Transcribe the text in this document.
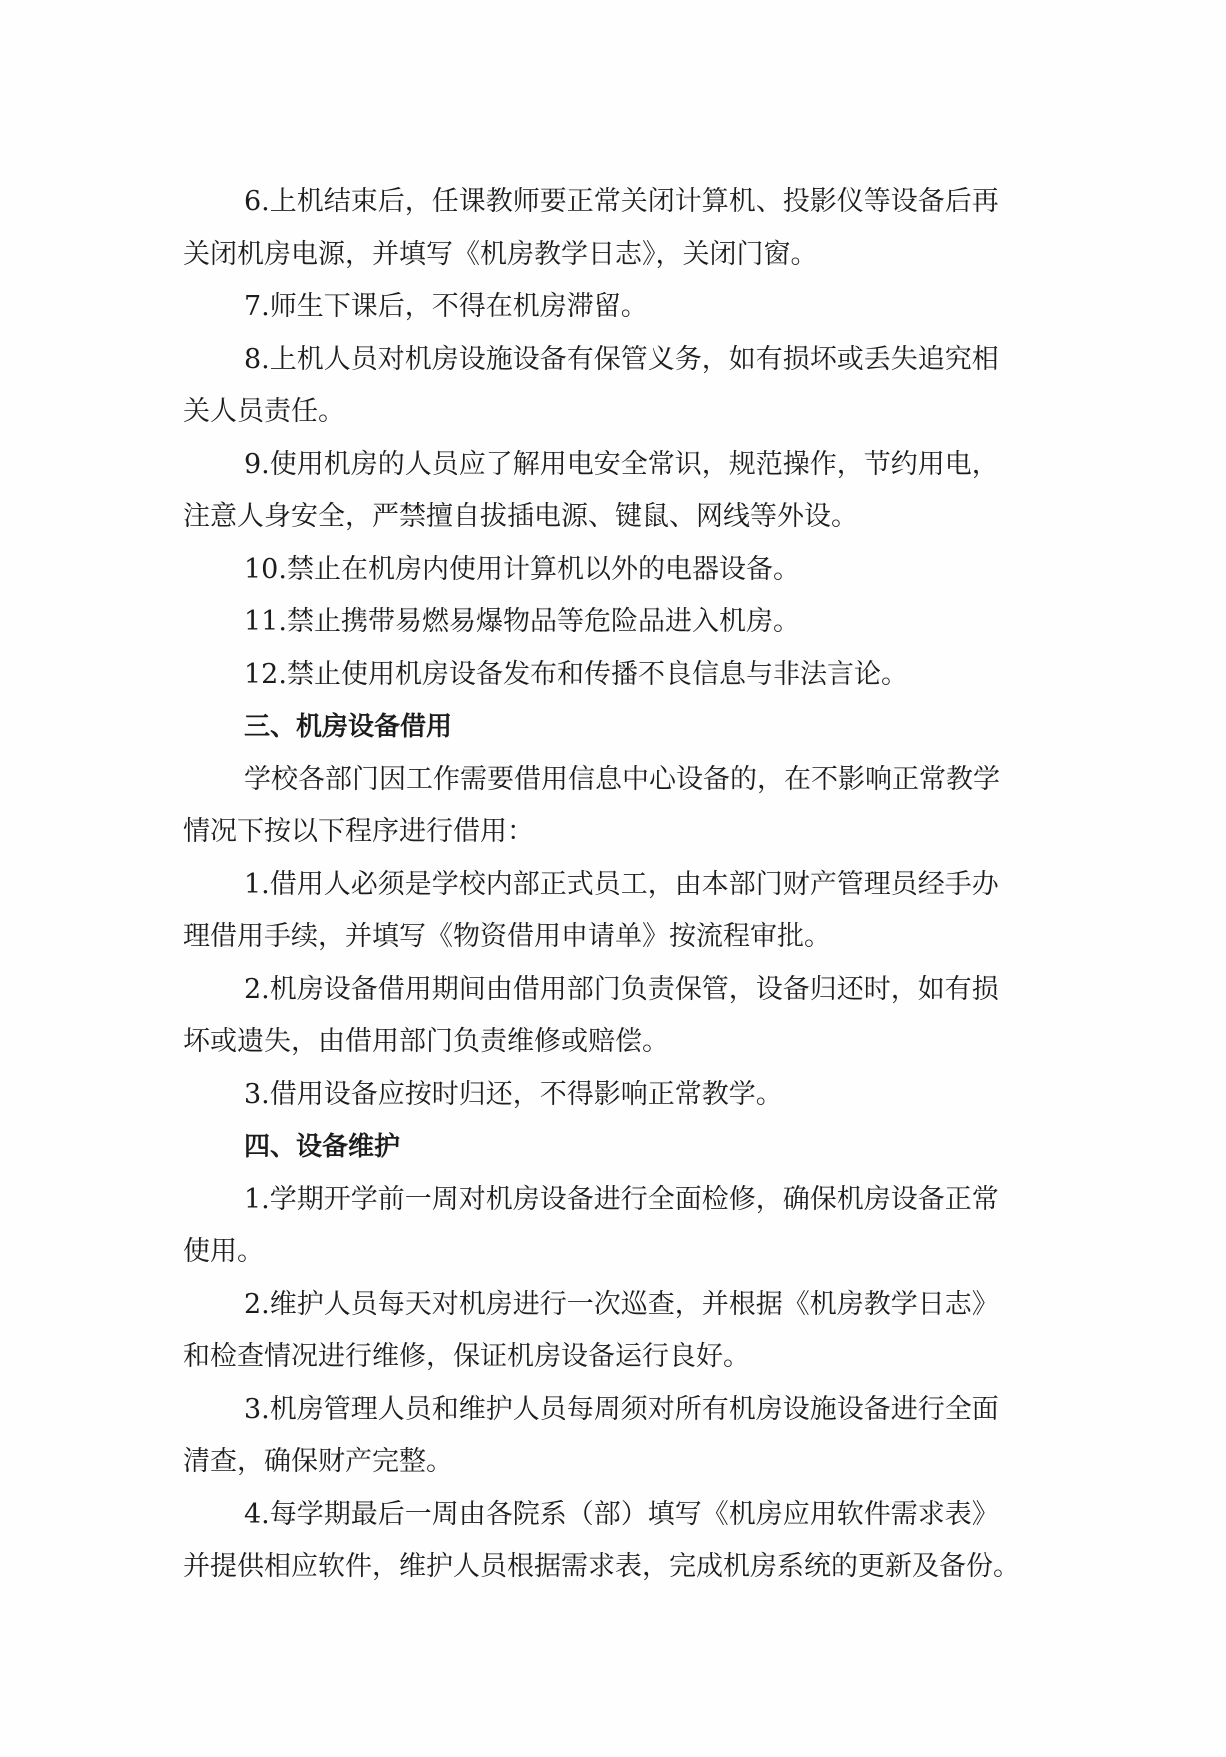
6.上机结束后，任课教师要正常关闭计算机、投影仪等设备后再
关闭机房电源，并填写《机房教学日志》，关闭门窗。
7.师生下课后，不得在机房滞留。
8.上机人员对机房设施设备有保管义务，如有损坏或丢失追究相
关人员责任。
9.使用机房的人员应了解用电安全常识，规范操作，节约用电，
注意人身安全，严禁擅自拔插电源、键鼠、网线等外设。
10.禁止在机房内使用计算机以外的电器设备。
11.禁止携带易燃易爆物品等危险品进入机房。
12.禁止使用机房设备发布和传播不良信息与非法言论。
三、机房设备借用
学校各部门因工作需要借用信息中心设备的，在不影响正常教学
情况下按以下程序进行借用：
1.借用人必须是学校内部正式员工，由本部门财产管理员经手办
理借用手续，并填写《物资借用申请单》按流程审批。
2.机房设备借用期间由借用部门负责保管，设备归还时，如有损
坏或遗失，由借用部门负责维修或赔偿。
3.借用设备应按时归还，不得影响正常教学。
四、设备维护
1.学期开学前一周对机房设备进行全面检修，确保机房设备正常
使用。
2.维护人员每天对机房进行一次巡查，并根据《机房教学日志》
和检查情况进行维修，保证机房设备运行良好。
3.机房管理人员和维护人员每周须对所有机房设施设备进行全面
清查，确保财产完整。
4.每学期最后一周由各院系（部）填写《机房应用软件需求表》
并提供相应软件，维护人员根据需求表，完成机房系统的更新及备份。
